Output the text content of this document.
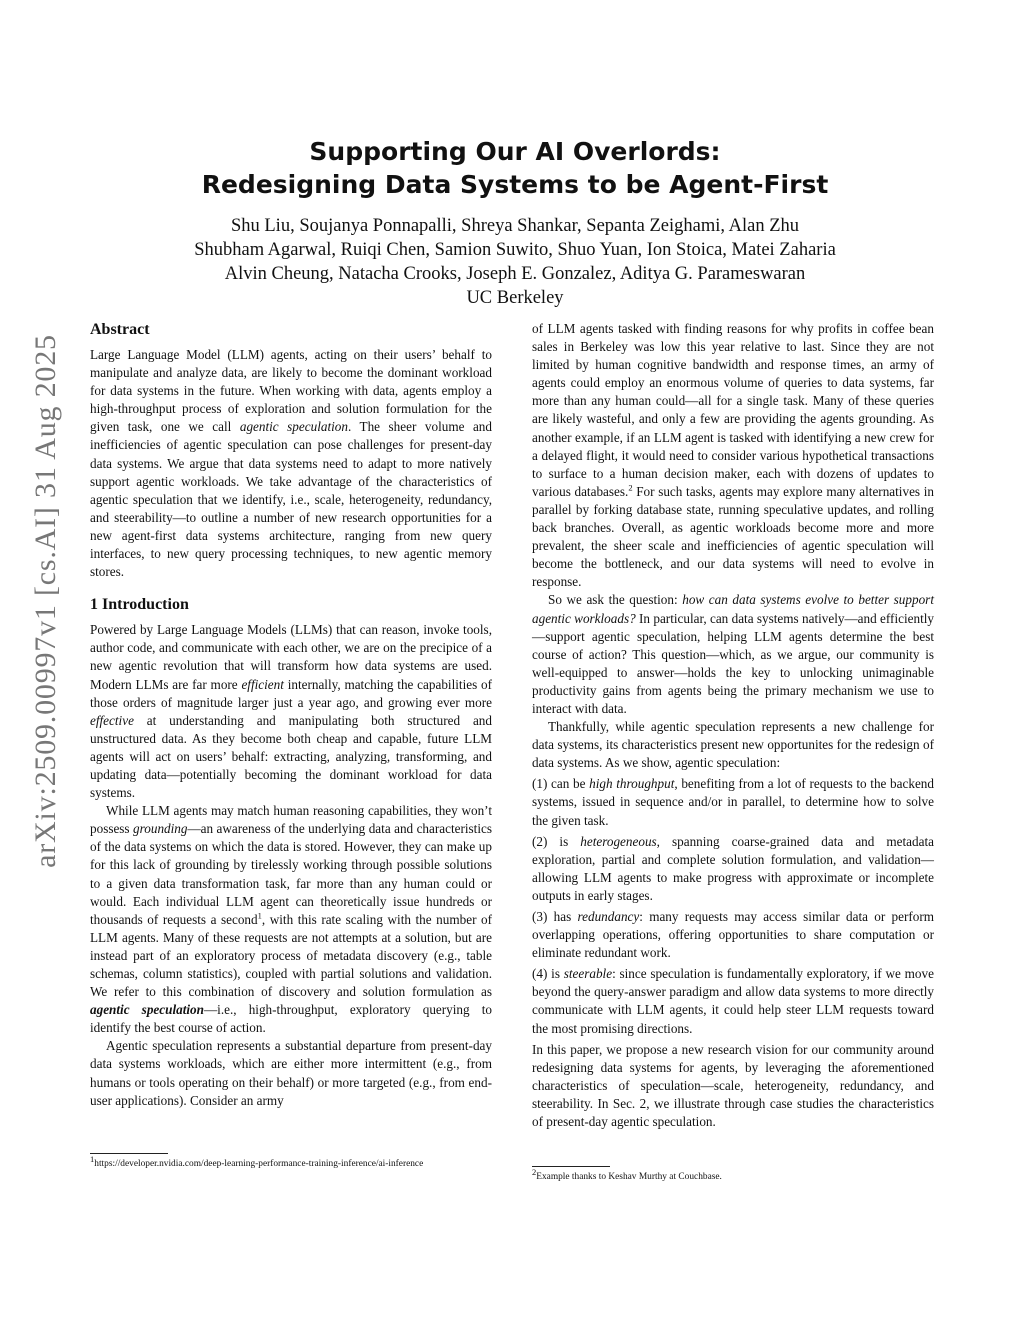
arXiv:2509.00997v1 [cs.AI] 31 Aug 2025
Supporting Our AI Overlords:
Redesigning Data Systems to be Agent-First
Shu Liu, Soujanya Ponnapalli, Shreya Shankar, Sepanta Zeighami, Alan Zhu
Shubham Agarwal, Ruiqi Chen, Samion Suwito, Shuo Yuan, Ion Stoica, Matei Zaharia
Alvin Cheung, Natacha Crooks, Joseph E. Gonzalez, Aditya G. Parameswaran
UC Berkeley
Abstract

Large Language Model (LLM) agents, acting on their users’ behalf to manipulate and analyze data, are likely to become the dominant workload for data systems in the future. When working with data, agents employ a high-throughput process of exploration and solution formulation for the given task, one we call agentic speculation. The sheer volume and inefficiencies of agentic speculation can pose challenges for present-day data systems. We argue that data systems need to adapt to more natively support agentic workloads. We take advantage of the characteristics of agentic speculation that we identify, i.e., scale, heterogeneity, redundancy, and steerability—to outline a number of new research opportunities for a new agent-first data systems architecture, ranging from new query interfaces, to new query processing techniques, to new agentic memory stores.

1 Introduction

Powered by Large Language Models (LLMs) that can reason, invoke tools, author code, and communicate with each other, we are on the precipice of a new agentic revolution that will transform how data systems are used. Modern LLMs are far more efficient internally, matching the capabilities of those orders of magnitude larger just a year ago, and growing ever more effective at understanding and manipulating both structured and unstructured data. As they become both cheap and capable, future LLM agents will act on users’ behalf: extracting, analyzing, transforming, and updating data—potentially becoming the dominant workload for data systems.

While LLM agents may match human reasoning capabilities, they won’t possess grounding—an awareness of the underlying data and characteristics of the data systems on which the data is stored. However, they can make up for this lack of grounding by tirelessly working through possible solutions to a given data transformation task, far more than any human could or would. Each individual LLM agent can theoretically issue hundreds or thousands of requests a second$^1$, with this rate scaling with the number of LLM agents. Many of these requests are not attempts at a solution, but are instead part of an exploratory process of metadata discovery (e.g., table schemas, column statistics), coupled with partial solutions and validation. We refer to this combination of discovery and solution formulation as agentic speculation—i.e., high-throughput, exploratory querying to identify the best course of action.

Agentic speculation represents a substantial departure from present-day data systems workloads, which are either more intermittent (e.g., from humans or tools operating on their behalf) or more targeted (e.g., from end-user applications). Consider an army

$^1$https://developer.nvidia.com/deep-learning-performance-training-inference/ai-inference

of LLM agents tasked with finding reasons for why profits in coffee bean sales in Berkeley was low this year relative to last. Since they are not limited by human cognitive bandwidth and response times, an army of agents could employ an enormous volume of queries to data systems, far more than any human could—all for a single task. Many of these queries are likely wasteful, and only a few are providing the agents grounding. As another example, if an LLM agent is tasked with identifying a new crew for a delayed flight, it would need to consider various hypothetical transactions to surface to a human decision maker, each with dozens of updates to various databases.$^2$ For such tasks, agents may explore many alternatives in parallel by forking database state, running speculative updates, and rolling back branches. Overall, as agentic workloads become more and more prevalent, the sheer scale and inefficiencies of agentic speculation will become the bottleneck, and our data systems will need to evolve in response.

So we ask the question: how can data systems evolve to better support agentic workloads? In particular, can data systems natively—and efficiently—support agentic speculation, helping LLM agents determine the best course of action? This question—which, as we argue, our community is well-equipped to answer—holds the key to unlocking unimaginable productivity gains from agents being the primary mechanism we use to interact with data.

Thankfully, while agentic speculation represents a new challenge for data systems, its characteristics present new opportunites for the redesign of data systems. As we show, agentic speculation:

(1) can be high throughput, benefiting from a lot of requests to the backend systems, issued in sequence and/or in parallel, to determine how to solve the given task.

(2) is heterogeneous, spanning coarse-grained data and metadata exploration, partial and complete solution formulation, and validation—allowing LLM agents to make progress with approximate or incomplete outputs in early stages.

(3) has redundancy: many requests may access similar data or perform overlapping operations, offering opportunities to share computation or eliminate redundant work.

(4) is steerable: since speculation is fundamentally exploratory, if we move beyond the query-answer paradigm and allow data systems to more directly communicate with LLM agents, it could help steer LLM requests toward the most promising directions.

In this paper, we propose a new research vision for our community around redesigning data systems for agents, by leveraging the aforementioned characteristics of speculation—scale, heterogeneity, redundancy, and steerability. In Sec. 2, we illustrate through case studies the characteristics of present-day agentic speculation.

$^2$Example thanks to Keshav Murthy at Couchbase.
